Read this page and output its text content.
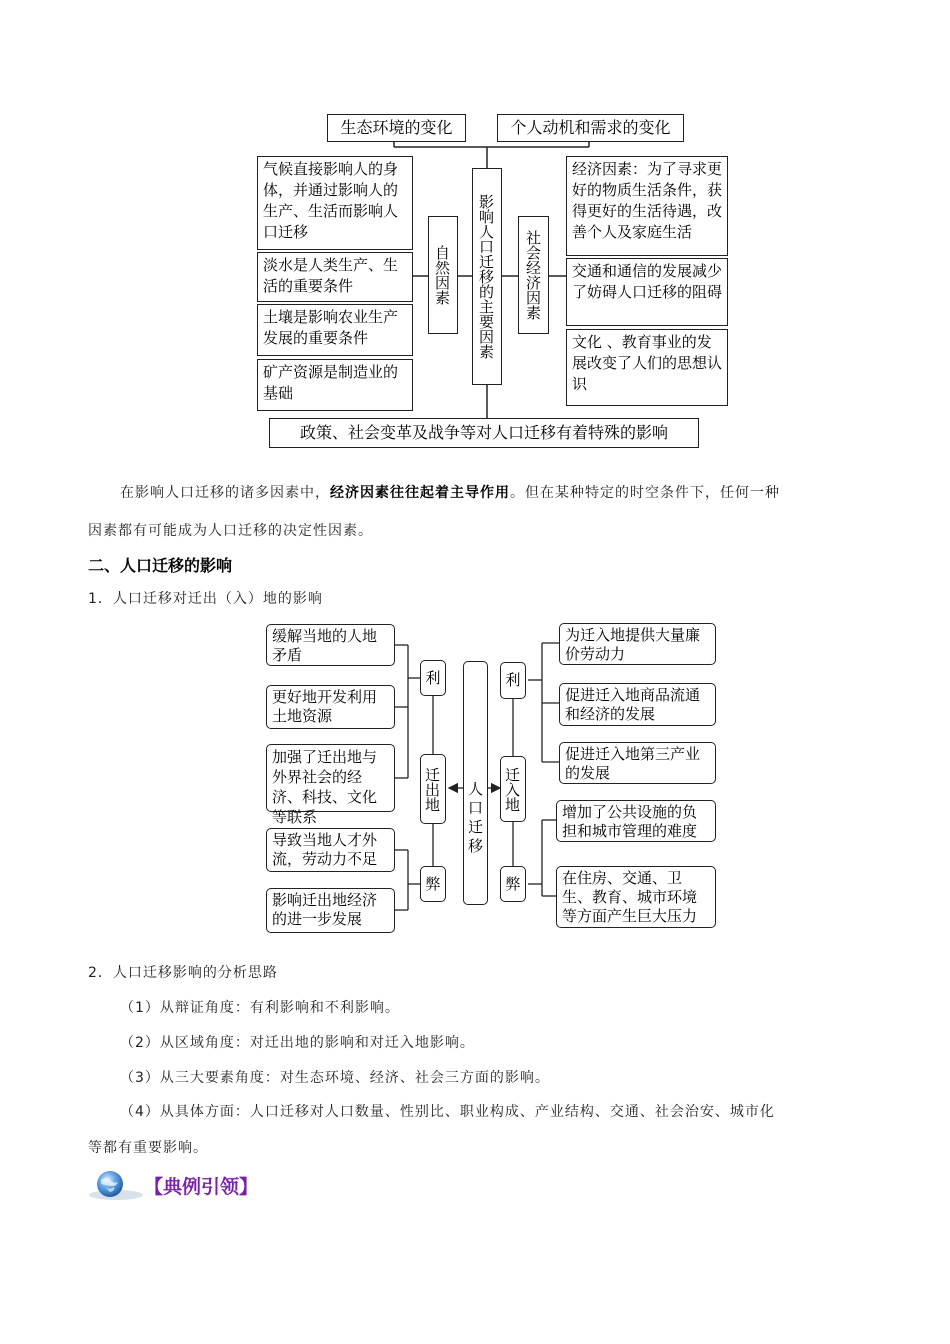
生态环境的变化	个人动机和需求的变化
气候直接影响人的身体，并通过影响人的生产、生活而影响人口迁移
淡水是人类生产、生活的重要条件
土壤是影响农业生产发展的重要条件
矿产资源是制造业的基础
自然因素	影响人口迁移的主要因素	社会经济因素
经济因素：为了寻求更好的物质生活条件，获得更好的生活待遇，改善个人及家庭生活
交通和通信的发展减少了妨碍人口迁移的阻碍
文化 、教育事业的发展改变了人们的思想认识
政策、社会变革及战争等对人口迁移有着特殊的影响
在影响人口迁移的诸多因素中，经济因素往往起着主导作用。但在某种特定的时空条件下，任何一种
因素都有可能成为人口迁移的决定性因素。
二、人口迁移的影响
1．人口迁移对迁出（入）地的影响
缓解当地的人地矛盾
更好地开发利用土地资源
加强了迁出地与外界社会的经济、科技、文化等联系
导致当地人才外流，劳动力不足
影响迁出地经济的进一步发展
利
迁出地
弊
人口迁移
利
迁入地
弊
为迁入地提供大量廉价劳动力
促进迁入地商品流通和经济的发展
促进迁入地第三产业的发展
增加了公共设施的负担和城市管理的难度
在住房、交通、卫生、教育、城市环境等方面产生巨大压力
2．人口迁移影响的分析思路
（1）从辩证角度：有利影响和不利影响。
（2）从区域角度：对迁出地的影响和对迁入地影响。
（3）从三大要素角度：对生态环境、经济、社会三方面的影响。
（4）从具体方面：人口迁移对人口数量、性别比、职业构成、产业结构、交通、社会治安、城市化
等都有重要影响。
【典例引领】
